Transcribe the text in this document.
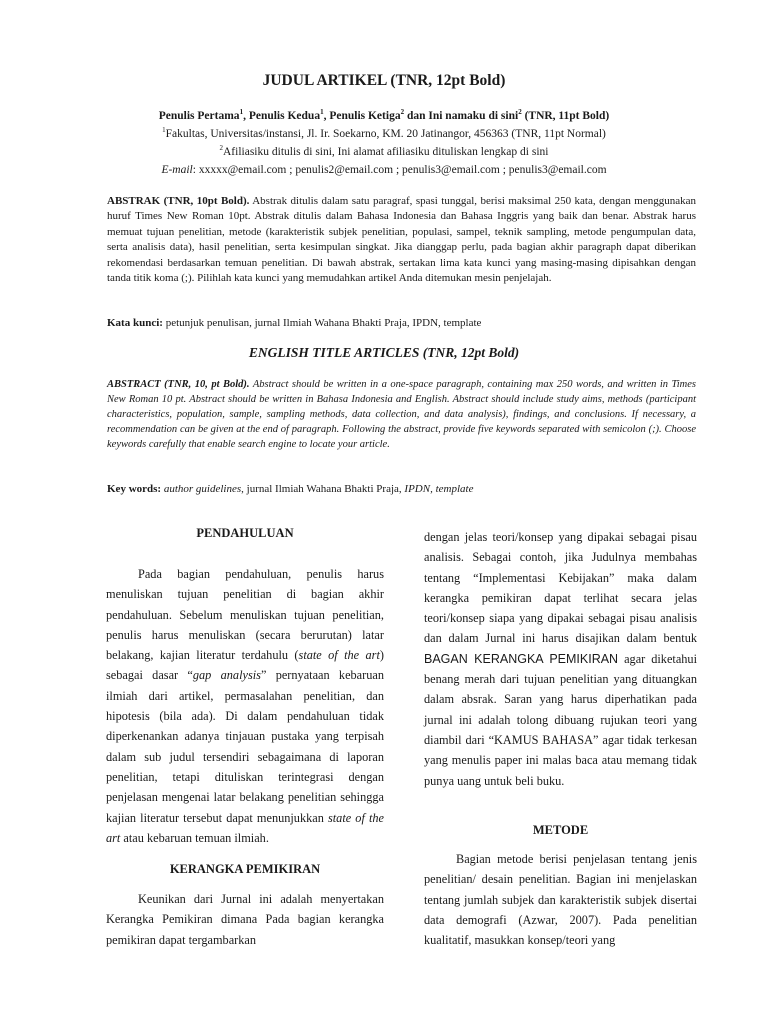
JUDUL ARTIKEL (TNR, 12pt Bold)
Penulis Pertama$^1$, Penulis Kedua$^1$, Penulis Ketiga$^2$ dan Ini namaku di sini$^2$ (TNR, 11pt Bold)
$^1$Fakultas, Universitas/instansi, Jl. Ir. Soekarno, KM. 20 Jatinangor, 456363 (TNR, 11pt Normal)
$^2$Afiliasiku ditulis di sini, Ini alamat afiliasiku dituliskan lengkap di sini
E-mail: xxxxx@email.com ; penulis2@email.com ; penulis3@email.com ; penulis3@email.com
ABSTRAK (TNR, 10pt Bold). Abstrak ditulis dalam satu paragraf, spasi tunggal, berisi maksimal 250 kata, dengan menggunakan huruf Times New Roman 10pt. Abstrak ditulis dalam Bahasa Indonesia dan Bahasa Inggris yang baik dan benar. Abstrak harus memuat tujuan penelitian, metode (karakteristik subjek penelitian, populasi, sampel, teknik sampling, metode pengumpulan data, serta analisis data), hasil penelitian, serta kesimpulan singkat. Jika dianggap perlu, pada bagian akhir paragraph dapat diberikan rekomendasi berdasarkan temuan penelitian. Di bawah abstrak, sertakan lima kata kunci yang masing-masing dipisahkan dengan tanda titik koma (;). Pilihlah kata kunci yang memudahkan artikel Anda ditemukan mesin penjelajah.
Kata kunci: petunjuk penulisan, jurnal Ilmiah Wahana Bhakti Praja, IPDN, template
ENGLISH TITLE ARTICLES (TNR, 12pt Bold)
ABSTRACT (TNR, 10, pt Bold). Abstract should be written in a one-space paragraph, containing max 250 words, and written in Times New Roman 10 pt. Abstract should be written in Bahasa Indonesia and English. Abstract should include study aims, methods (participant characteristics, population, sample, sampling methods, data collection, and data analysis), findings, and conclusions. If necessary, a recommendation can be given at the end of paragraph. Following the abstract, provide five keywords separated with semicolon (;). Choose keywords carefully that enable search engine to locate your article.
Key words: author guidelines, jurnal Ilmiah Wahana Bhakti Praja, IPDN, template
PENDAHULUAN
Pada bagian pendahuluan, penulis harus menuliskan tujuan penelitian di bagian akhir pendahuluan. Sebelum menuliskan tujuan penelitian, penulis harus menuliskan (secara berurutan) latar belakang, kajian literatur terdahulu (state of the art) sebagai dasar “gap analysis” pernyataan kebaruan ilmiah dari artikel, permasalahan penelitian, dan hipotesis (bila ada). Di dalam pendahuluan tidak diperkenankan adanya tinjauan pustaka yang terpisah dalam sub judul tersendiri sebagaimana di laporan penelitian, tetapi dituliskan terintegrasi dengan penjelasan mengenai latar belakang penelitian sehingga kajian literatur tersebut dapat menunjukkan state of the art atau kebaruan temuan ilmiah.
KERANGKA PEMIKIRAN
Keunikan dari Jurnal ini adalah menyertakan Kerangka Pemikiran dimana Pada bagian kerangka pemikiran dapat tergambarkan
dengan jelas teori/konsep yang dipakai sebagai pisau analisis. Sebagai contoh, jika Judulnya membahas tentang “Implementasi Kebijakan” maka dalam kerangka pemikiran dapat terlihat secara jelas teori/konsep siapa yang dipakai sebagai pisau analisis dan dalam Jurnal ini harus disajikan dalam bentuk BAGAN KERANGKA PEMIKIRAN agar diketahui benang merah dari tujuan penelitian yang dituangkan dalam absrak. Saran yang harus diperhatikan pada jurnal ini adalah tolong dibuang rujukan teori yang diambil dari “KAMUS BAHASA” agar tidak terkesan yang menulis paper ini malas baca atau memang tidak punya uang untuk beli buku.
METODE
Bagian metode berisi penjelasan tentang jenis penelitian/ desain penelitian. Bagian ini menjelaskan tentang jumlah subjek dan karakteristik subjek disertai data demografi (Azwar, 2007). Pada penelitian kualitatif, masukkan konsep/teori yang
